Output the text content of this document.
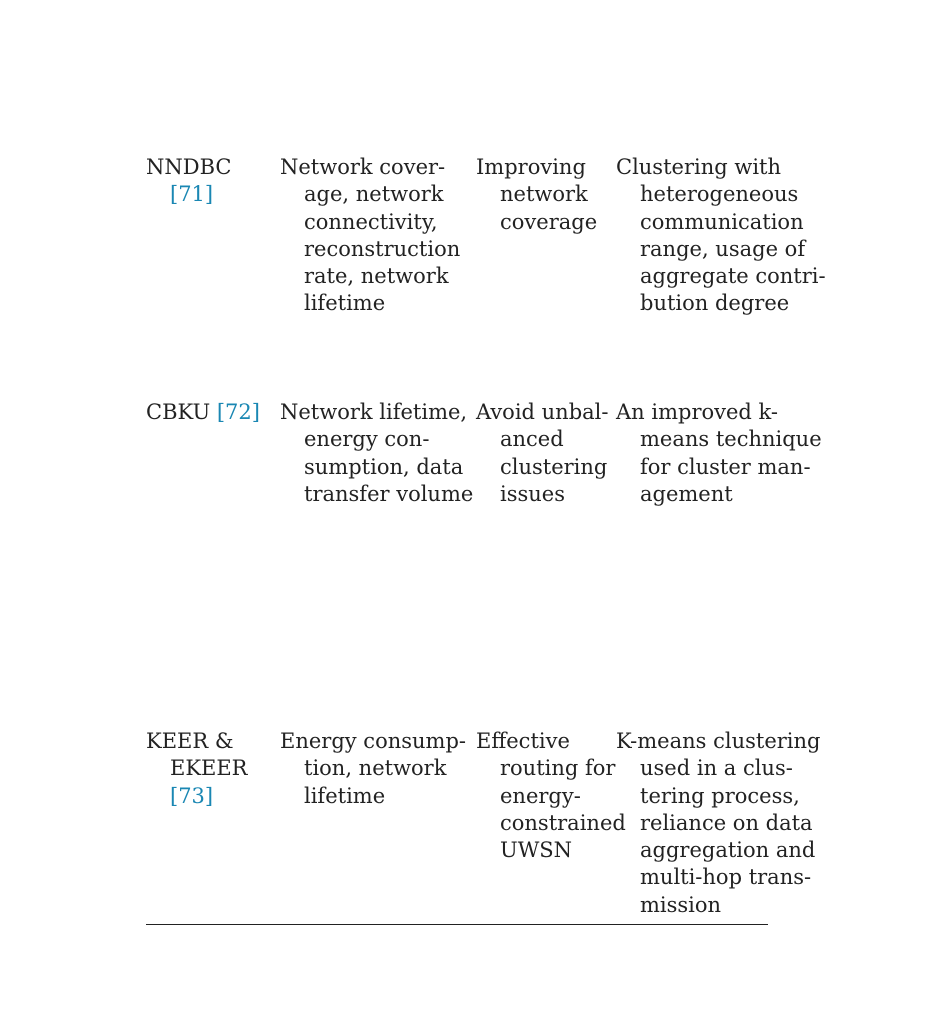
NNDBC
[71]
Network cover-
age, network
connectivity,
reconstruction
rate, network
lifetime
Improving
network
coverage
Clustering with
heterogeneous
communication
range, usage of
aggregate contri-
bution degree
CBKU [72] Network lifetime,
energy con-
sumption, data
transfer volume
Avoid unbal-
anced
clustering
issues
An improved k-
means technique
for cluster man-
agement
KEER &
EKEER
[73]
Energy consump-
tion, network
lifetime
Effective
routing for
energy-
constrained
UWSN
K-means clustering
used in a clus-
tering process,
reliance on data
aggregation and
multi-hop trans-
mission
